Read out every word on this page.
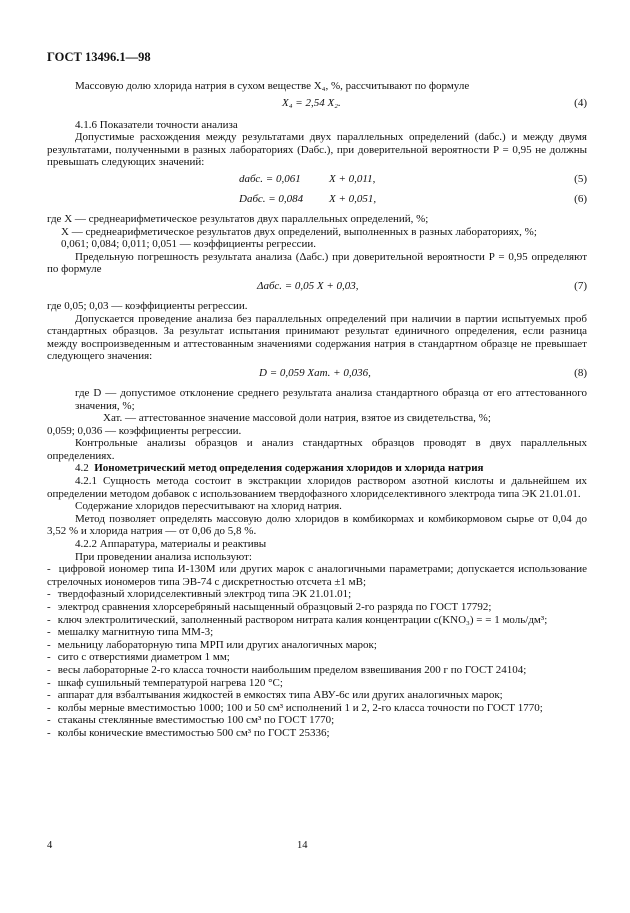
ГОСТ 13496.1—98

Массовую долю хлорида натрия в сухом веществе X₄, %, рассчитывают по формуле

X₄ = 2,54 X₂.	(4)

4.1.6 Показатели точности анализа

Допустимые расхождения между результатами двух параллельных определений (dабс.) и между двумя результатами, полученными в разных лабораториях (Dабс.), при доверительной вероятности P = 0,95 не должны превышать следующих значений:

dабс. = 0,061	X + 0,011,	(5)
Dабс. = 0,084 X + 0,051,	(6)

где X — среднеарифметическое результатов двух параллельных определений, %;

X — среднеарифметическое результатов двух определений, выполненных в разных лабораториях, %;

0,061; 0,084; 0,011; 0,051 — коэффициенты регрессии.

Предельную погрешность результата анализа (Δабс.) при доверительной вероятности P = 0,95 определяют по формуле

Δабс. = 0,05 X + 0,03,	(7)

где 0,05; 0,03 — коэффициенты регрессии.

Допускается проведение анализа без параллельных определений при наличии в партии испытуемых проб стандартных образцов. За результат испытания принимают результат единичного определения, если разница между воспроизведенным и аттестованным значениями содержания натрия в стандартном образце не превышает следующего значения:

D = 0,059 Xат. + 0,036,	(8)

где D — допустимое отклонение среднего результата анализа стандартного образца от его аттестованного значения, %;

Xат. — аттестованное значение массовой доли натрия, взятое из свидетельства, %;

0,059; 0,036 — коэффициенты регрессии.

Контрольные анализы образцов и анализ стандартных образцов проводят в двух параллельных определениях.

4.2 Ионометрический метод определения содержания хлоридов и хлорида натрия

4.2.1 Сущность метода состоит в экстракции хлоридов раствором азотной кислоты и дальнейшем их определении методом добавок с использованием твердофазного хлоридселективного электрода типа ЭК 21.01.01.

Содержание хлоридов пересчитывают на хлорид натрия.

Метод позволяет определять массовую долю хлоридов в комбикормах и комбикормовом сырье от 0,04 до 3,52 % и хлорида натрия — от 0,06 до 5,8 %.

4.2.2 Аппаратура, материалы и реактивы

При проведении анализа используют:

- цифровой иономер типа И-130М или других марок с аналогичными параметрами; допускается использование стрелочных иономеров типа ЭВ-74 с дискретностью отсчета ±1 мВ;

- твердофазный хлоридселективный электрод типа ЭК 21.01.01;

- электрод сравнения хлорсеребряный насыщенный образцовый 2-го разряда по ГОСТ 17792;

- ключ электролитический, заполненный раствором нитрата калия концентрации c(KNO₃) = = 1 моль/дм³;

- мешалку магнитную типа ММ-3;

- мельницу лабораторную типа МРП или других аналогичных марок;

- сито с отверстиями диаметром 1 мм;

- весы лабораторные 2-го класса точности наибольшим пределом взвешивания 200 г по ГОСТ 24104;

- шкаф сушильный температурой нагрева 120 °С;

- аппарат для взбалтывания жидкостей в емкостях типа АВУ-6с или других аналогичных марок;

- колбы мерные вместимостью 1000; 100 и 50 см³ исполнений 1 и 2, 2-го класса точности по ГОСТ 1770;

- стаканы стеклянные вместимостью 100 см³ по ГОСТ 1770;

- колбы конические вместимостью 500 см³ по ГОСТ 25336;

4	14
